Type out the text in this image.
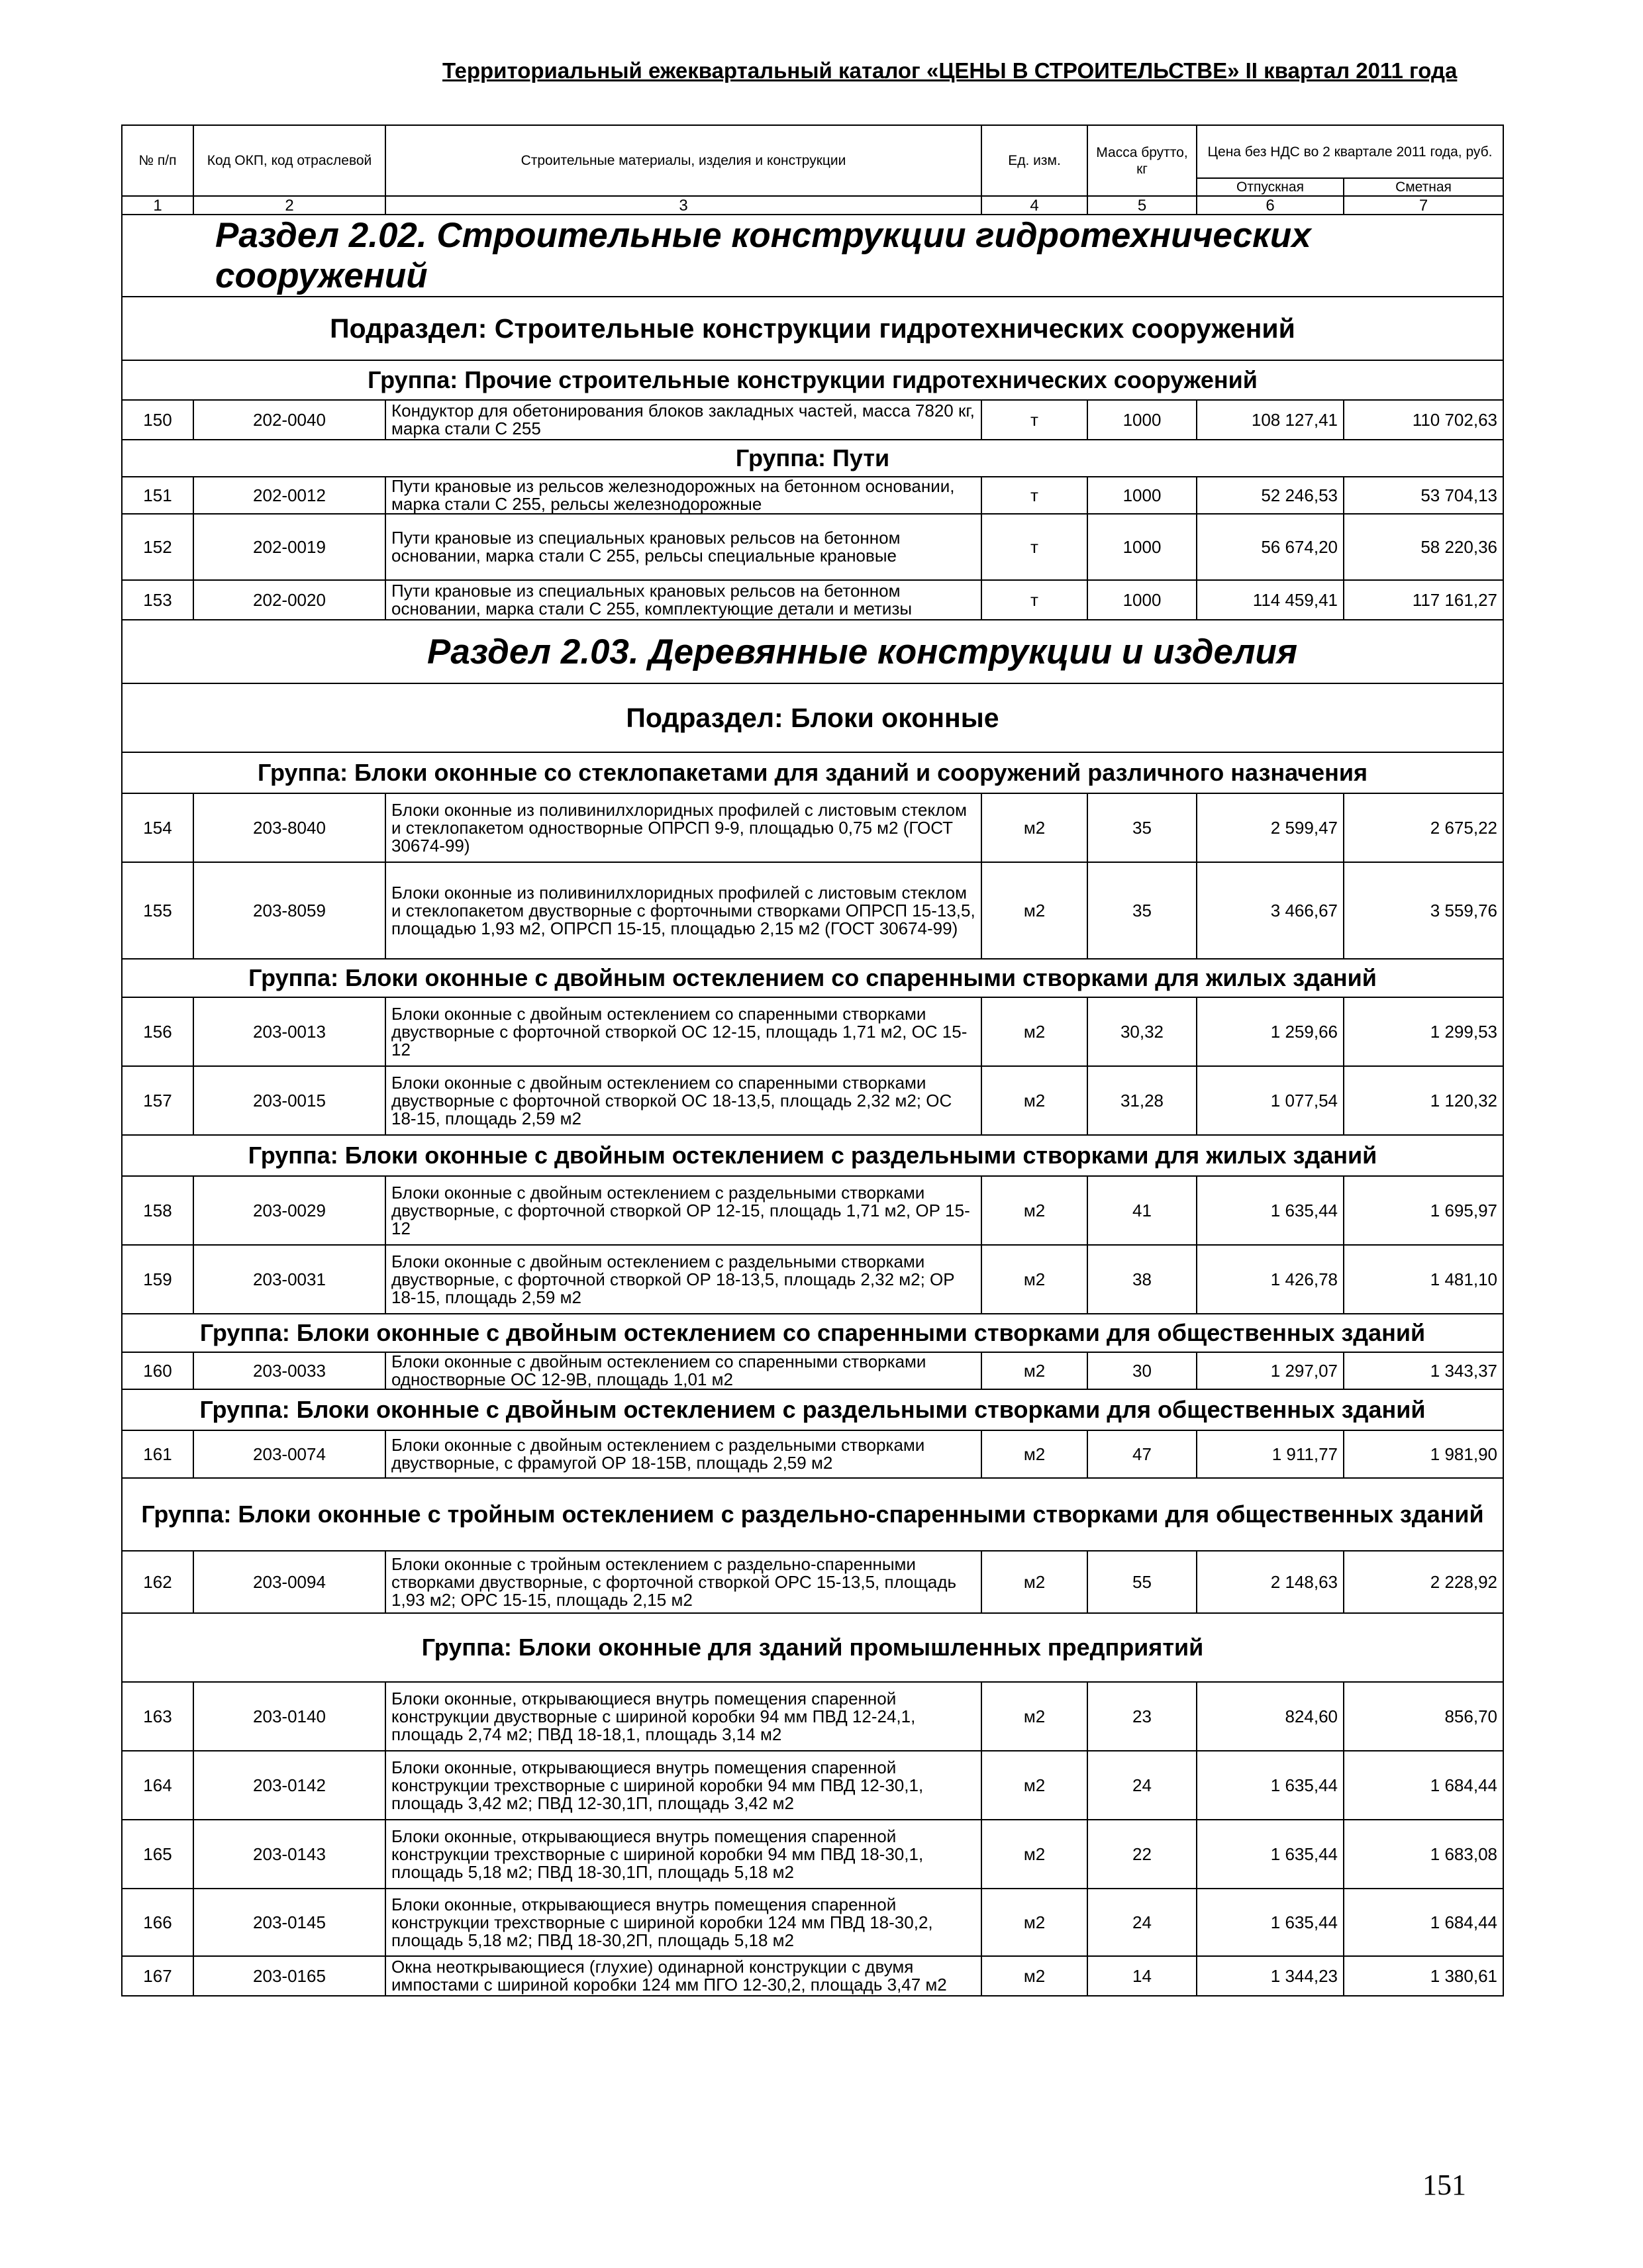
Территориальный ежеквартальный каталог «ЦЕНЫ В СТРОИТЕЛЬСТВЕ» II квартал 2011 года
№ п/п	Код ОКП, код отраслевой	Строительные материалы, изделия и конструкции	Ед. изм.	Масса брутто, кг	Цена без НДС во 2 квартале 2011 года, руб.	
					Отпускная	Сметная
1	2	3	4	5	6	7
Раздел 2.02. Строительные конструкции гидротехнических сооружений						
Подраздел: Строительные конструкции гидротехнических сооружений						
Группа: Прочие строительные конструкции гидротехнических сооружений						
150	202-0040	Кондуктор для обетонирования блоков закладных частей, масса 7820 кг, марка стали С 255	т	1000	108 127,41	110 702,63
Группа: Пути						
151	202-0012	Пути крановые из рельсов железнодорожных на бетонном основании, марка стали С 255, рельсы железнодорожные	т	1000	52 246,53	53 704,13
152	202-0019	Пути крановые из специальных крановых рельсов на бетонном основании, марка стали С 255, рельсы специальные крановые	т	1000	56 674,20	58 220,36
153	202-0020	Пути крановые из специальных крановых рельсов на бетонном основании, марка стали С 255, комплектующие детали и метизы	т	1000	114 459,41	117 161,27
Раздел 2.03. Деревянные конструкции и изделия						
Подраздел: Блоки оконные						
Группа: Блоки оконные со стеклопакетами для зданий и сооружений различного назначения						
154	203-8040	Блоки оконные из поливинилхлоридных профилей с листовым стеклом и стеклопакетом одностворные ОПРСП 9-9, площадью 0,75 м2 (ГОСТ 30674-99)	м2	35	2 599,47	2 675,22
155	203-8059	Блоки оконные из поливинилхлоридных профилей с листовым стеклом и стеклопакетом двустворные с форточными створками ОПРСП 15-13,5, площадью 1,93 м2, ОПРСП 15-15, площадью 2,15 м2 (ГОСТ 30674-99)	м2	35	3 466,67	3 559,76
Группа: Блоки оконные с двойным остеклением со спаренными створками для жилых зданий						
156	203-0013	Блоки оконные с двойным остеклением со спаренными створками двустворные с форточной створкой ОС 12-15, площадь 1,71 м2, ОС 15-12	м2	30,32	1 259,66	1 299,53
157	203-0015	Блоки оконные с двойным остеклением со спаренными створками двустворные с форточной створкой ОС 18-13,5, площадь 2,32 м2; ОС 18-15, площадь 2,59 м2	м2	31,28	1 077,54	1 120,32
Группа: Блоки оконные с двойным остеклением с раздельными створками для жилых зданий						
158	203-0029	Блоки оконные с двойным остеклением с раздельными створками двустворные, с форточной створкой ОР 12-15, площадь 1,71 м2, ОР 15-12	м2	41	1 635,44	1 695,97
159	203-0031	Блоки оконные с двойным остеклением с раздельными створками двустворные, с форточной створкой ОР 18-13,5, площадь 2,32 м2; ОР 18-15, площадь 2,59 м2	м2	38	1 426,78	1 481,10
Группа: Блоки оконные с двойным остеклением со спаренными створками для общественных зданий						
160	203-0033	Блоки оконные с двойным остеклением со спаренными створками одностворные ОС 12-9В, площадь 1,01 м2	м2	30	1 297,07	1 343,37
Группа: Блоки оконные с двойным остеклением с раздельными створками для общественных зданий						
161	203-0074	Блоки оконные с двойным остеклением с раздельными створками двустворные, с фрамугой ОР 18-15В, площадь 2,59 м2	м2	47	1 911,77	1 981,90
Группа: Блоки оконные с тройным остеклением с раздельно-спаренными створками для общественных зданий						
162	203-0094	Блоки оконные с тройным остеклением с раздельно-спаренными створками двустворные, с форточной створкой ОРС 15-13,5, площадь 1,93 м2; ОРС 15-15, площадь 2,15 м2	м2	55	2 148,63	2 228,92
Группа: Блоки оконные для зданий промышленных предприятий						
163	203-0140	Блоки оконные, открывающиеся внутрь помещения спаренной конструкции двустворные с шириной коробки 94 мм ПВД 12-24,1, площадь 2,74 м2; ПВД 18-18,1, площадь 3,14 м2	м2	23	824,60	856,70
164	203-0142	Блоки оконные, открывающиеся внутрь помещения спаренной конструкции трехстворные с шириной коробки 94 мм ПВД 12-30,1, площадь 3,42 м2; ПВД 12-30,1П, площадь 3,42 м2	м2	24	1 635,44	1 684,44
165	203-0143	Блоки оконные, открывающиеся внутрь помещения спаренной конструкции трехстворные с шириной коробки 94 мм ПВД 18-30,1, площадь 5,18 м2; ПВД 18-30,1П, площадь 5,18 м2	м2	22	1 635,44	1 683,08
166	203-0145	Блоки оконные, открывающиеся внутрь помещения спаренной конструкции трехстворные с шириной коробки 124 мм ПВД 18-30,2, площадь 5,18 м2; ПВД 18-30,2П, площадь 5,18 м2	м2	24	1 635,44	1 684,44
167	203-0165	Окна неоткрывающиеся (глухие) одинарной конструкции с двумя импостами с шириной коробки 124 мм ПГО 12-30,2, площадь 3,47 м2	м2	14	1 344,23	1 380,61
151
